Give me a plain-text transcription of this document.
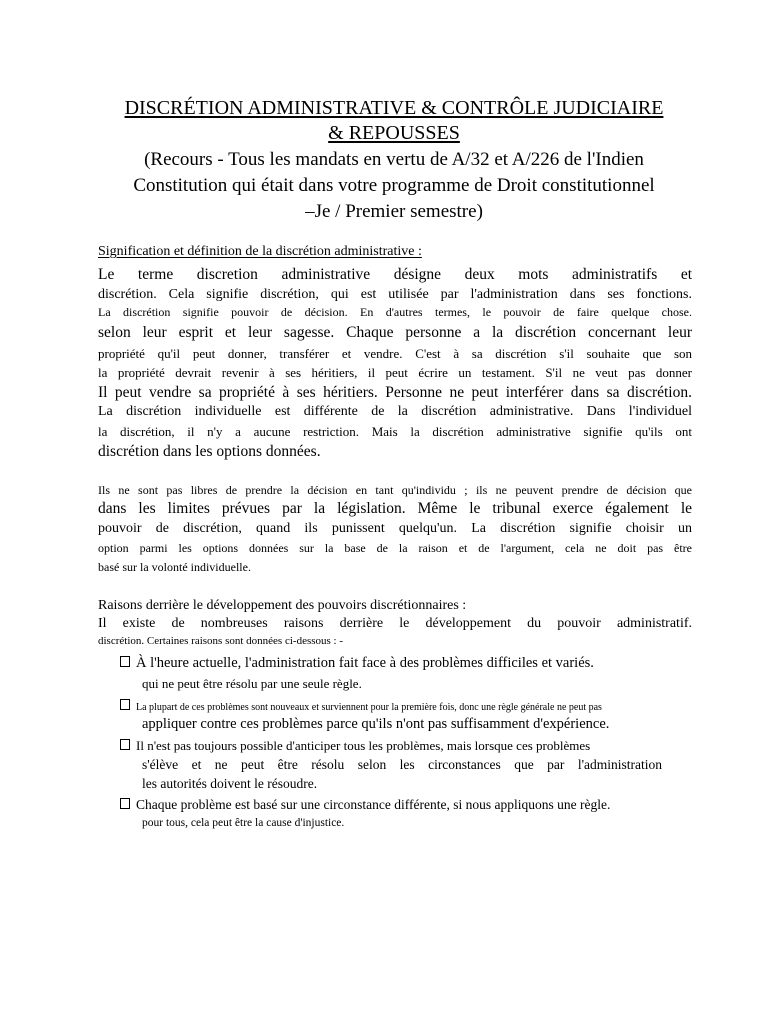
DISCRÉTION ADMINISTRATIVE & CONTRÔLE JUDICIAIRE
& REPOUSSES
(Recours - Tous les mandats en vertu de A/32 et A/226 de l'Indien
Constitution qui était dans votre programme de Droit constitutionnel
–Je / Premier semestre)
Signification et définition de la discrétion administrative :
Le terme discretion administrative désigne deux mots administratifs et
discrétion. Cela signifie discrétion, qui est utilisée par l'administration dans ses fonctions.
La discrétion signifie pouvoir de décision. En d'autres termes, le pouvoir de faire quelque chose.
selon leur esprit et leur sagesse. Chaque personne a la discrétion concernant leur
propriété qu'il peut donner, transférer et vendre. C'est à sa discrétion s'il souhaite que son
la propriété devrait revenir à ses héritiers, il peut écrire un testament. S'il ne veut pas donner
Il peut vendre sa propriété à ses héritiers. Personne ne peut interférer dans sa discrétion.
La discrétion individuelle est différente de la discrétion administrative. Dans l'individuel
la discrétion, il n'y a aucune restriction. Mais la discrétion administrative signifie qu'ils ont
discrétion dans les options données.
Ils ne sont pas libres de prendre la décision en tant qu'individu ; ils ne peuvent prendre de décision que
dans les limites prévues par la législation. Même le tribunal exerce également le
pouvoir de discrétion, quand ils punissent quelqu'un. La discrétion signifie choisir un
option parmi les options données sur la base de la raison et de l'argument, cela ne doit pas être
basé sur la volonté individuelle.
Raisons derrière le développement des pouvoirs discrétionnaires :
Il existe de nombreuses raisons derrière le développement du pouvoir administratif.
discrétion. Certaines raisons sont données ci-dessous : -
À l'heure actuelle, l'administration fait face à des problèmes difficiles et variés.
qui ne peut être résolu par une seule règle.
La plupart de ces problèmes sont nouveaux et surviennent pour la première fois, donc une règle générale ne peut pas
appliquer contre ces problèmes parce qu'ils n'ont pas suffisamment d'expérience.
Il n'est pas toujours possible d'anticiper tous les problèmes, mais lorsque ces problèmes
s'élève et ne peut être résolu selon les circonstances que par l'administration
les autorités doivent le résoudre.
Chaque problème est basé sur une circonstance différente, si nous appliquons une règle.
pour tous, cela peut être la cause d'injustice.
